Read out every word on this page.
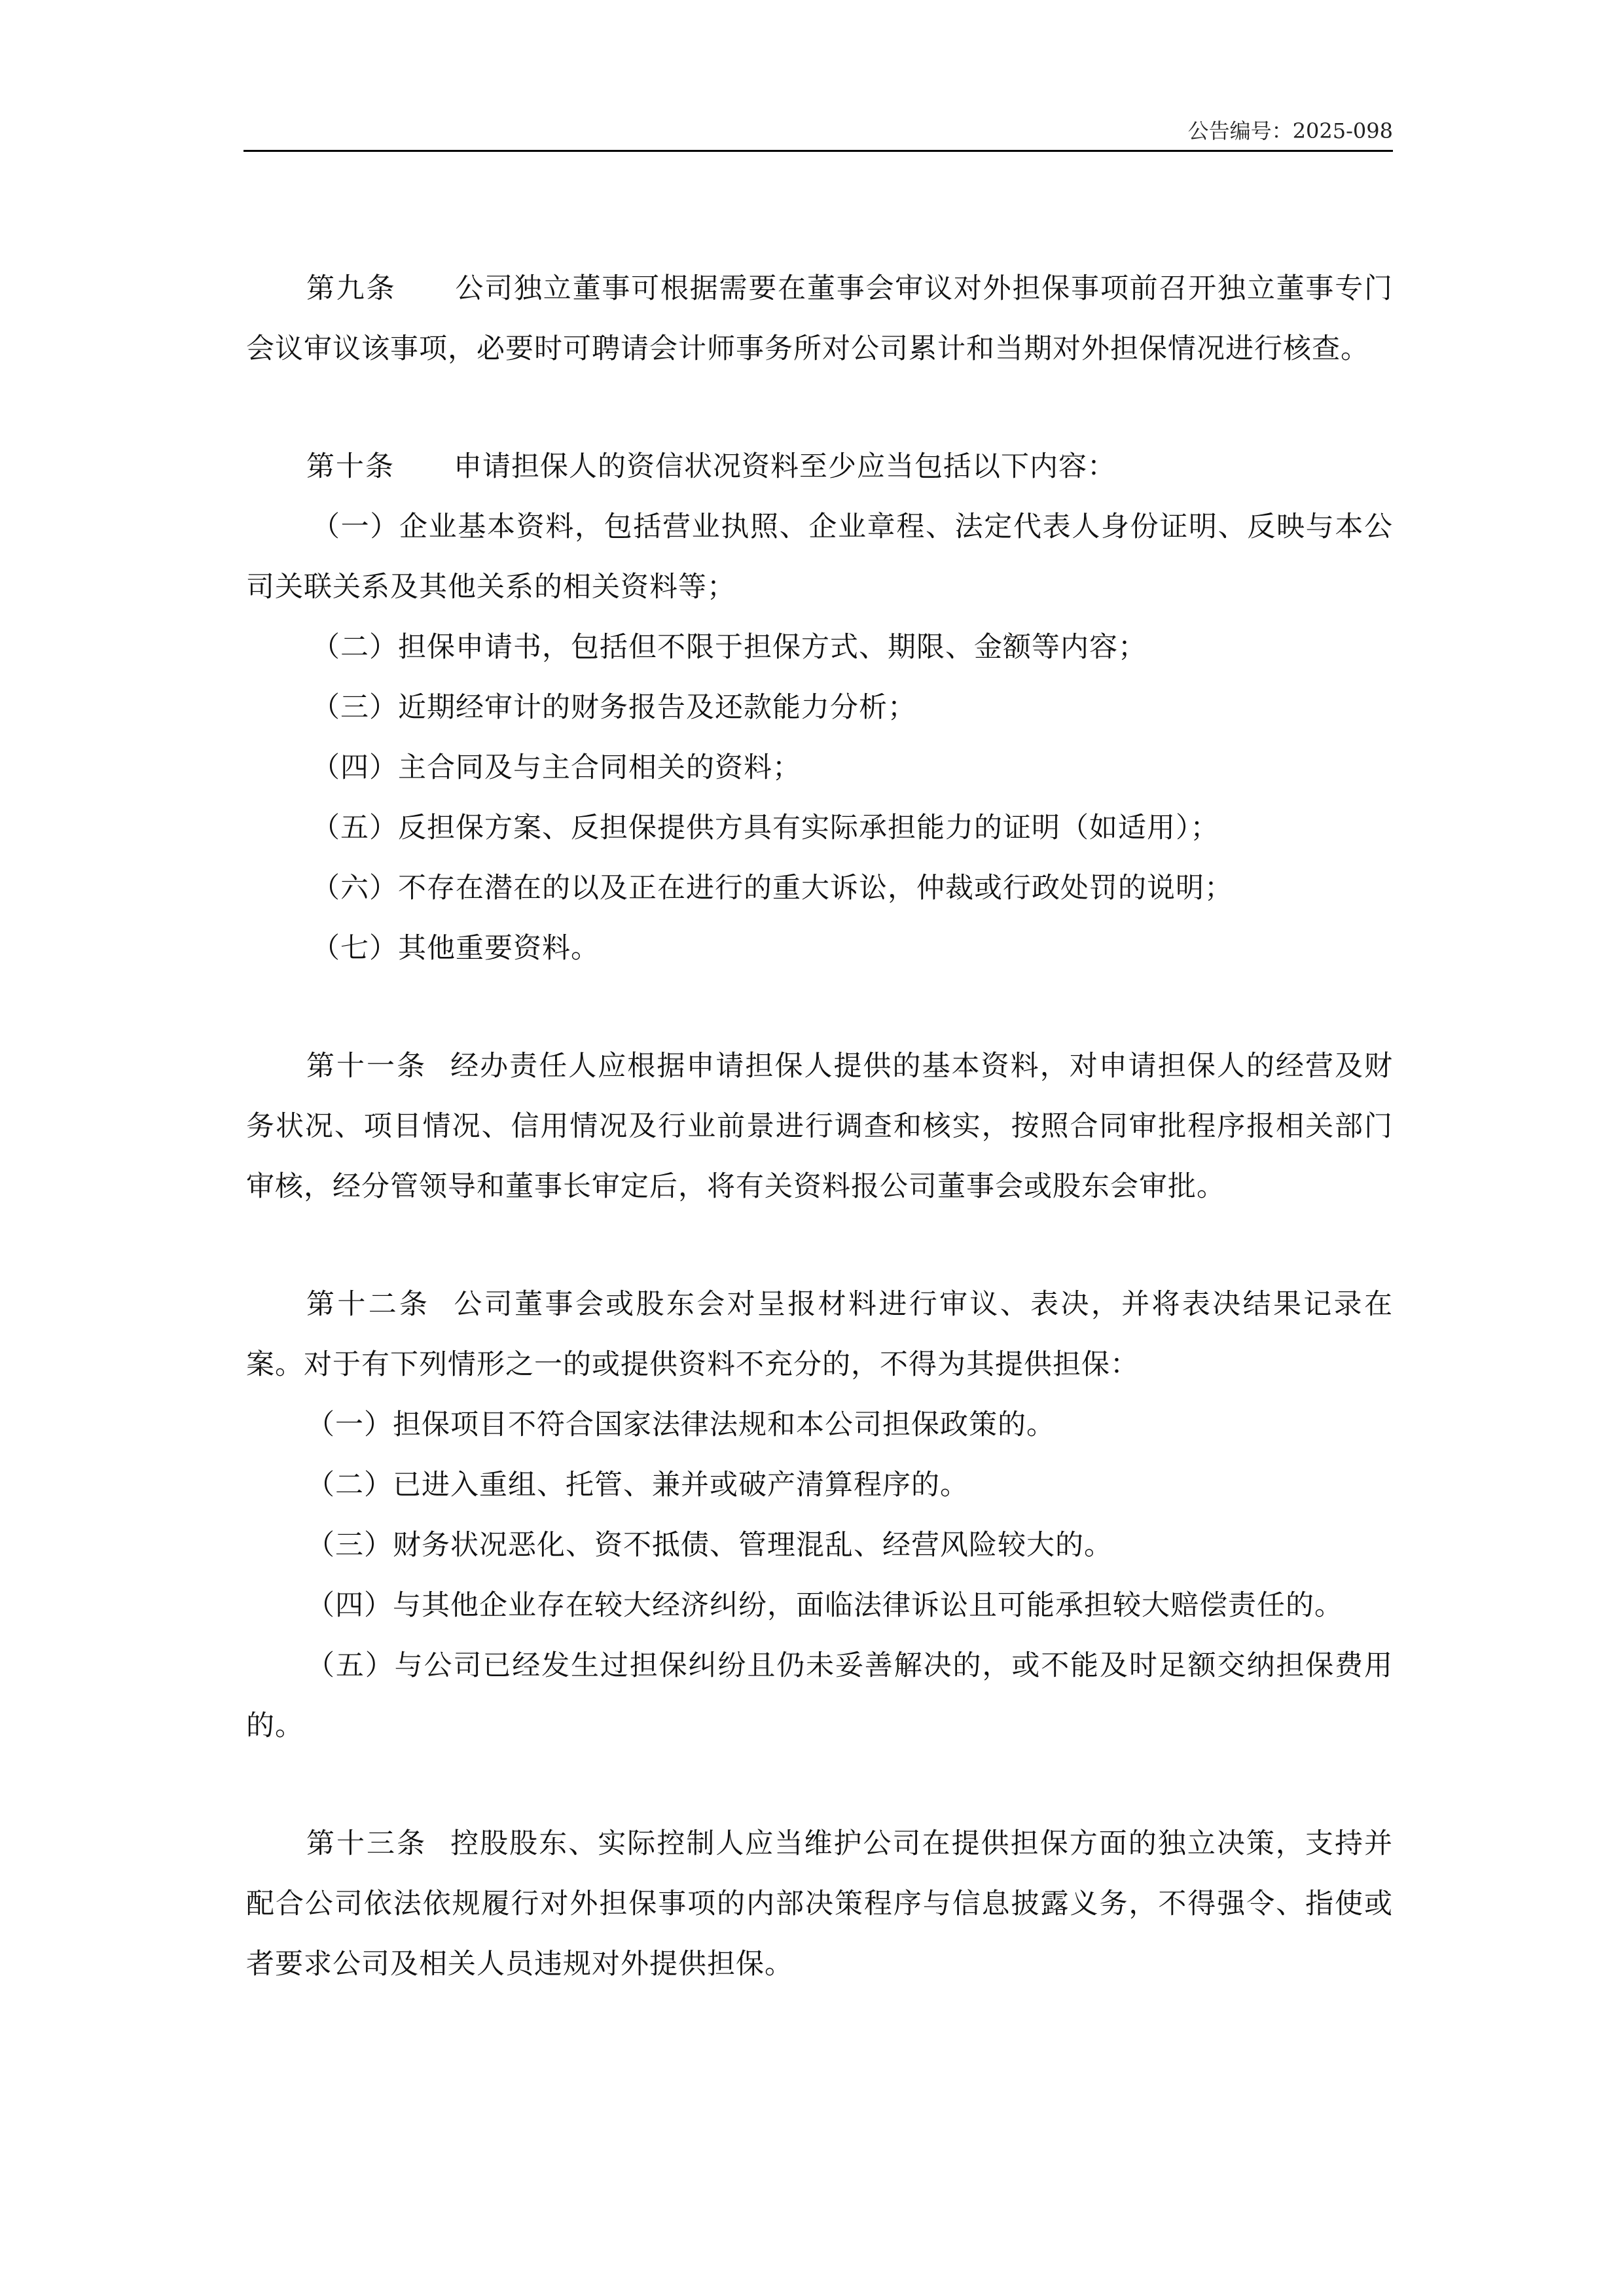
公告编号：2025-098

第九条 公司独立董事可根据需要在董事会审议对外担保事项前召开独立董事专门会议审议该事项，必要时可聘请会计师事务所对公司累计和当期对外担保情况进行核查。

第十条 申请担保人的资信状况资料至少应当包括以下内容：

（一）企业基本资料，包括营业执照、企业章程、法定代表人身份证明、反映与本公司关联关系及其他关系的相关资料等；

（二）担保申请书，包括但不限于担保方式、期限、金额等内容；

（三）近期经审计的财务报告及还款能力分析；

（四）主合同及与主合同相关的资料；

（五）反担保方案、反担保提供方具有实际承担能力的证明（如适用）；

（六）不存在潜在的以及正在进行的重大诉讼，仲裁或行政处罚的说明；

（七）其他重要资料。

第十一条 经办责任人应根据申请担保人提供的基本资料，对申请担保人的经营及财务状况、项目情况、信用情况及行业前景进行调查和核实，按照合同审批程序报相关部门审核，经分管领导和董事长审定后，将有关资料报公司董事会或股东会审批。

第十二条 公司董事会或股东会对呈报材料进行审议、表决，并将表决结果记录在案。对于有下列情形之一的或提供资料不充分的，不得为其提供担保：

（一）担保项目不符合国家法律法规和本公司担保政策的。

（二）已进入重组、托管、兼并或破产清算程序的。

（三）财务状况恶化、资不抵债、管理混乱、经营风险较大的。

（四）与其他企业存在较大经济纠纷，面临法律诉讼且可能承担较大赔偿责任的。

（五）与公司已经发生过担保纠纷且仍未妥善解决的，或不能及时足额交纳担保费用的。

第十三条 控股股东、实际控制人应当维护公司在提供担保方面的独立决策，支持并配合公司依法依规履行对外担保事项的内部决策程序与信息披露义务，不得强令、指使或者要求公司及相关人员违规对外提供担保。
